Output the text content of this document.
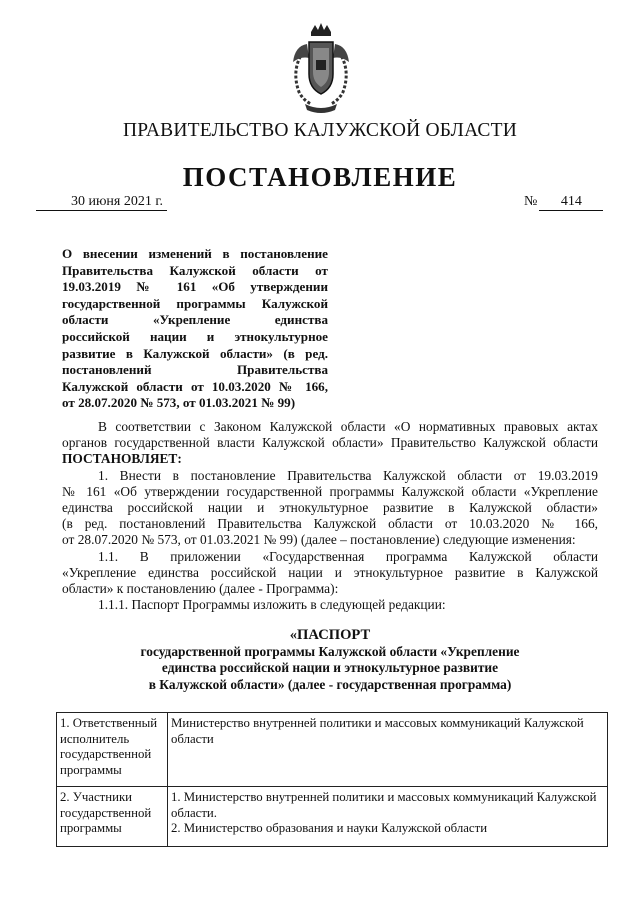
ПРАВИТЕЛЬСТВО КАЛУЖСКОЙ ОБЛАСТИ
ПОСТАНОВЛЕНИЕ
30 июня 2021 г.	№ 414
О внесении изменений в постановление
Правительства Калужской области от
19.03.2019 № 161 «Об утверждении
государственной программы Калужской
области «Укрепление единства
российской нации и этнокультурное
развитие в Калужской области» (в ред.
постановлений Правительства
Калужской области от 10.03.2020 № 166,
от 28.07.2020 № 573, от 01.03.2021 № 99)
В соответствии с Законом Калужской области «О нормативных правовых актах
органов государственной власти Калужской области» Правительство Калужской области
ПОСТАНОВЛЯЕТ:
1. Внести в постановление Правительства Калужской области от 19.03.2019
№ 161 «Об утверждении государственной программы Калужской области «Укрепление
единства российской нации и этнокультурное развитие в Калужской области»
(в ред. постановлений Правительства Калужской области от 10.03.2020 № 166,
от 28.07.2020 № 573, от 01.03.2021 № 99) (далее – постановление) следующие изменения:
1.1. В приложении «Государственная программа Калужской области
«Укрепление единства российской нации и этнокультурное развитие в Калужской
области» к постановлению (далее - Программа):
1.1.1. Паспорт Программы изложить в следующей редакции:
«ПАСПОРТ
государственной программы Калужской области «Укрепление
единства российской нации и этнокультурное развитие
в Калужской области» (далее - государственная программа)
1. Ответственный исполнитель государственной программы	Министерство внутренней политики и массовых коммуникаций Калужской области

2. Участники государственной программы	1. Министерство внутренней политики и массовых коммуникаций Калужской области.
2. Министерство образования и науки Калужской области
